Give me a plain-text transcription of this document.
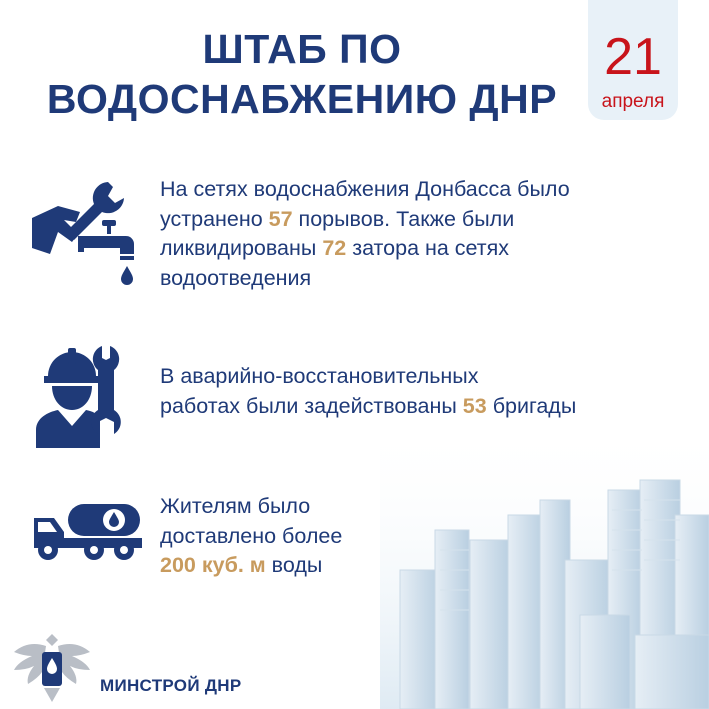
ШТАБ ПО
ВОДОСНАБЖЕНИЮ ДНР
21
апреля
На сетях водоснабжения Донбасса было
устранено 57 порывов. Также были
ликвидированы 72 затора на сетях
водоотведения
В аварийно-восстановительных
работах были задействованы 53 бригады
Жителям было
доставлено более
200 куб. м воды
МИНСТРОЙ ДНР
